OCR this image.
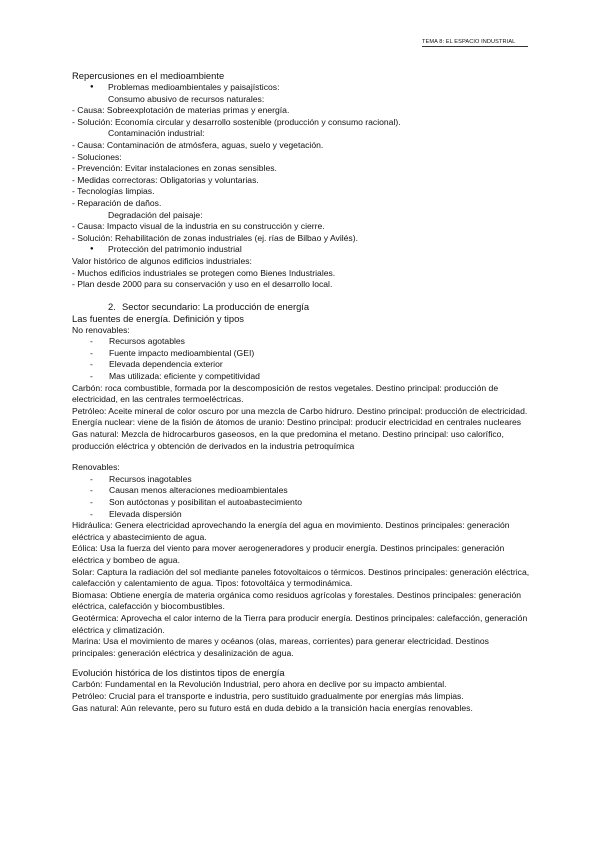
TEMA 8: EL ESPACIO INDUSTRIAL
Repercusiones en el medioambiente
● Problemas medioambientales y paisajísticos:
Consumo abusivo de recursos naturales:
- Causa: Sobreexplotación de materias primas y energía.
- Solución: Economía circular y desarrollo sostenible (producción y consumo racional).
Contaminación industrial:
- Causa: Contaminación de atmósfera, aguas, suelo y vegetación.
- Soluciones:
- Prevención: Evitar instalaciones en zonas sensibles.
- Medidas correctoras: Obligatorias y voluntarias.
- Tecnologías limpias.
- Reparación de daños.
Degradación del paisaje:
- Causa: Impacto visual de la industria en su construcción y cierre.
- Solución: Rehabilitación de zonas industriales (ej. rías de Bilbao y Avilés).
● Protección del patrimonio industrial
Valor histórico de algunos edificios industriales:
- Muchos edificios industriales se protegen como Bienes Industriales.
- Plan desde 2000 para su conservación y uso en el desarrollo local.
2. Sector secundario: La producción de energía
Las fuentes de energía. Definición y tipos
No renovables:
- Recursos agotables
- Fuente impacto medioambiental (GEI)
- Elevada dependencia exterior
- Mas utilizada: eficiente y competitividad
Carbón: roca combustible, formada por la descomposición de restos vegetales. Destino principal: producción de electricidad, en las centrales termoeléctricas.
Petróleo: Aceite mineral de color oscuro por una mezcla de Carbo hidruro. Destino principal: producción de electricidad.
Energía nuclear: viene de la fisión de átomos de uranio: Destino principal: producir electricidad en centrales nucleares
Gas natural: Mezcla de hidrocarburos gaseosos, en la que predomina el metano. Destino principal: uso calorífico, producción eléctrica y obtención de derivados en la industria petroquímica
Renovables:
- Recursos inagotables
- Causan menos alteraciones medioambientales
- Son autóctonas y posibilitan el autoabastecimiento
- Elevada dispersión
Hidráulica: Genera electricidad aprovechando la energía del agua en movimiento. Destinos principales: generación eléctrica y abastecimiento de agua.
Eólica: Usa la fuerza del viento para mover aerogeneradores y producir energía. Destinos principales: generación eléctrica y bombeo de agua.
Solar: Captura la radiación del sol mediante paneles fotovoltaicos o térmicos. Destinos principales: generación eléctrica, calefacción y calentamiento de agua. Tipos: fotovoltáica y termodinámica.
Biomasa: Obtiene energía de materia orgánica como residuos agrícolas y forestales. Destinos principales: generación eléctrica, calefacción y biocombustibles.
Geotérmica: Aprovecha el calor interno de la Tierra para producir energía. Destinos principales: calefacción, generación eléctrica y climatización.
Marina: Usa el movimiento de mares y océanos (olas, mareas, corrientes) para generar electricidad. Destinos principales: generación eléctrica y desalinización de agua.
Evolución histórica de los distintos tipos de energía
Carbón: Fundamental en la Revolución Industrial, pero ahora en declive por su impacto ambiental.
Petróleo: Crucial para el transporte e industria, pero sustituido gradualmente por energías más limpias.
Gas natural: Aún relevante, pero su futuro está en duda debido a la transición hacia energías renovables.
